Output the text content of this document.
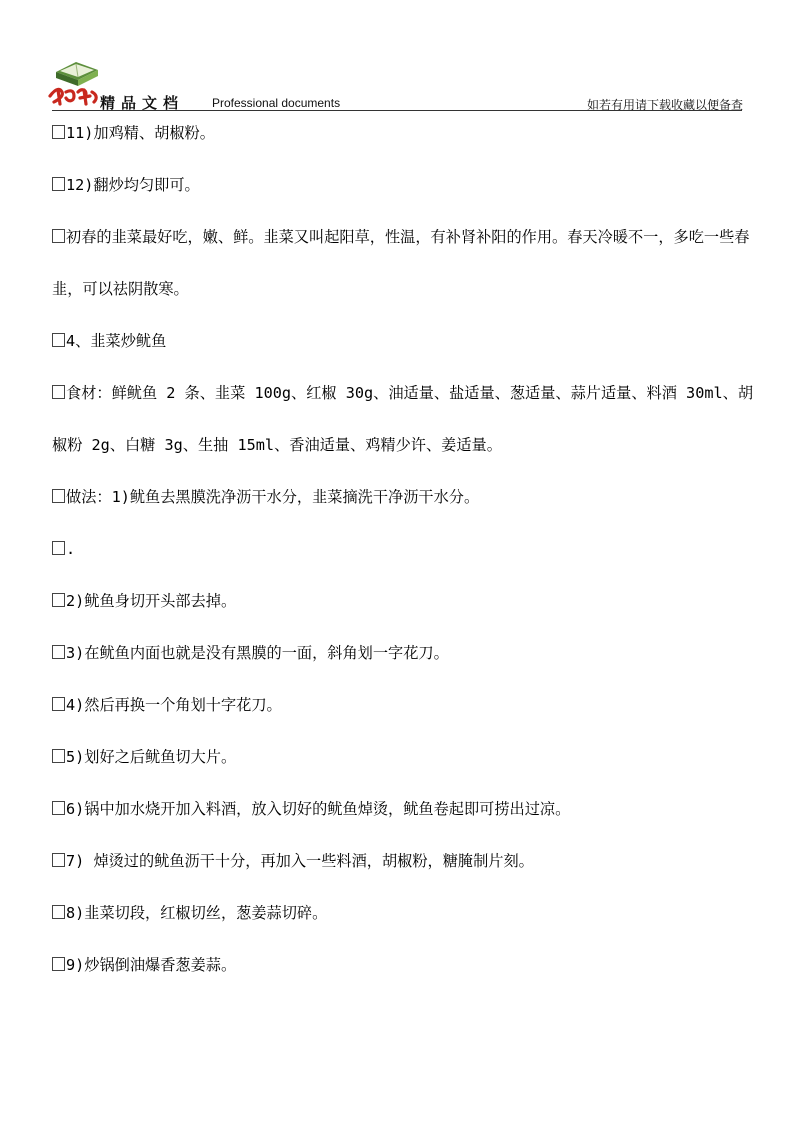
精品文档 Professional documents	如若有用请下载收藏以便备查

11)加鸡精、胡椒粉。

12)翻炒均匀即可。

初春的韭菜最好吃，嫩、鲜。韭菜又叫起阳草，性温，有补肾补阳的作用。春天冷暖不一，多吃一些春韭，可以祛阴散寒。

4、韭菜炒鱿鱼

食材：鲜鱿鱼 2 条、韭菜 100g、红椒 30g、油适量、盐适量、葱适量、蒜片适量、料酒 30ml、胡椒粉 2g、白糖 3g、生抽 15ml、香油适量、鸡精少许、姜适量。

做法：1)鱿鱼去黑膜洗净沥干水分，韭菜摘洗干净沥干水分。

.

2)鱿鱼身切开头部去掉。

3)在鱿鱼内面也就是没有黑膜的一面，斜角划一字花刀。

4)然后再换一个角划十字花刀。

5)划好之后鱿鱼切大片。

6)锅中加水烧开加入料酒，放入切好的鱿鱼焯烫，鱿鱼卷起即可捞出过凉。

7) 焯烫过的鱿鱼沥干十分，再加入一些料酒，胡椒粉，糖腌制片刻。

8)韭菜切段，红椒切丝，葱姜蒜切碎。

9)炒锅倒油爆香葱姜蒜。
